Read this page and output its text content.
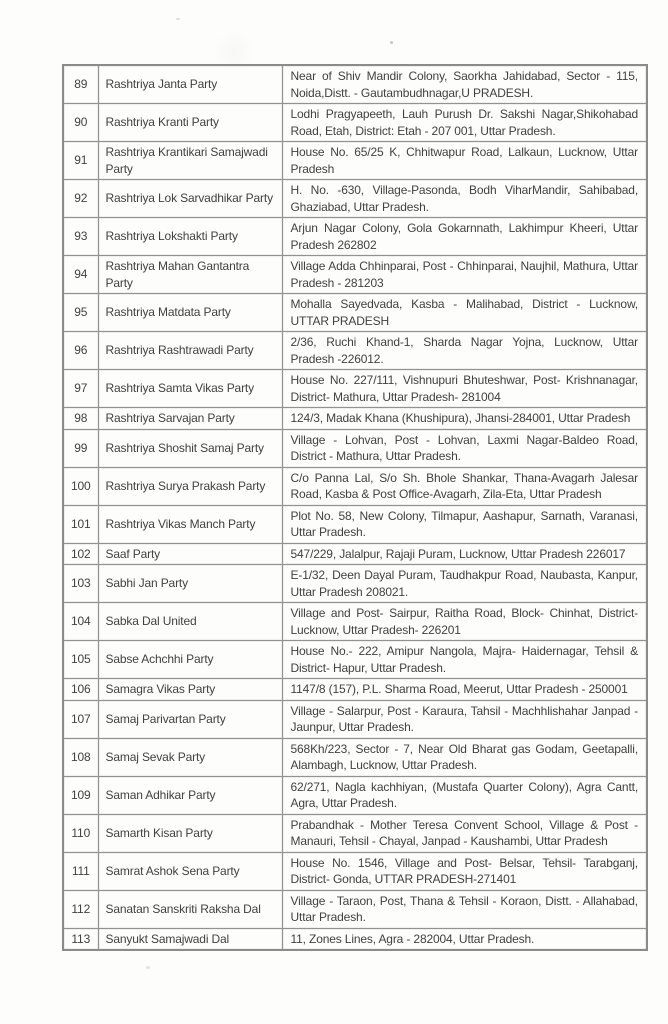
89	Rashtriya Janta Party	Near of Shiv Mandir Colony, Saorkha Jahidabad, Sector - 115, Noida,Distt. - Gautambudhnagar,U PRADESH.
90	Rashtriya Kranti Party	Lodhi Pragyapeeth, Lauh Purush Dr. Sakshi Nagar,Shikohabad Road, Etah, District: Etah - 207 001, Uttar Pradesh.
91	Rashtriya Krantikari Samajwadi Party	House No. 65/25 K, Chhitwapur Road, Lalkaun, Lucknow, Uttar Pradesh
92	Rashtriya Lok Sarvadhikar Party	H. No. -630, Village-Pasonda, Bodh ViharMandir, Sahibabad, Ghaziabad, Uttar Pradesh.
93	Rashtriya Lokshakti Party	Arjun Nagar Colony, Gola Gokarnnath, Lakhimpur Kheeri, Uttar Pradesh 262802
94	Rashtriya Mahan Gantantra Party	Village Adda Chhinparai, Post - Chhinparai, Naujhil, Mathura, Uttar Pradesh - 281203
95	Rashtriya Matdata Party	Mohalla Sayedvada, Kasba - Malihabad, District - Lucknow, UTTAR PRADESH
96	Rashtriya Rashtrawadi Party	2/36, Ruchi Khand-1, Sharda Nagar Yojna, Lucknow, Uttar Pradesh -226012.
97	Rashtriya Samta Vikas Party	House No. 227/111, Vishnupuri Bhuteshwar, Post- Krishnanagar, District- Mathura, Uttar Pradesh- 281004
98	Rashtriya Sarvajan Party	124/3, Madak Khana (Khushipura), Jhansi-284001, Uttar Pradesh
99	Rashtriya Shoshit Samaj Party	Village - Lohvan, Post - Lohvan, Laxmi Nagar-Baldeo Road, District - Mathura, Uttar Pradesh.
100	Rashtriya Surya Prakash Party	C/o Panna Lal, S/o Sh. Bhole Shankar, Thana-Avagarh Jalesar Road, Kasba & Post Office-Avagarh, Zila-Eta, Uttar Pradesh
101	Rashtriya Vikas Manch Party	Plot No. 58, New Colony, Tilmapur, Aashapur, Sarnath, Varanasi, Uttar Pradesh.
102	Saaf Party	547/229, Jalalpur, Rajaji Puram, Lucknow, Uttar Pradesh 226017
103	Sabhi Jan Party	E-1/32, Deen Dayal Puram, Taudhakpur Road, Naubasta, Kanpur, Uttar Pradesh 208021.
104	Sabka Dal United	Village and Post- Sairpur, Raitha Road, Block- Chinhat, District- Lucknow, Uttar Pradesh- 226201
105	Sabse Achchhi Party	House No.- 222, Amipur Nangola, Majra- Haidernagar, Tehsil & District- Hapur, Uttar Pradesh.
106	Samagra Vikas Party	1147/8 (157), P.L. Sharma Road, Meerut, Uttar Pradesh - 250001
107	Samaj Parivartan Party	Village - Salarpur, Post - Karaura, Tahsil - Machhlishahar Janpad - Jaunpur, Uttar Pradesh.
108	Samaj Sevak Party	568Kh/223, Sector - 7, Near Old Bharat gas Godam, Geetapalli, Alambagh, Lucknow, Uttar Pradesh.
109	Saman Adhikar Party	62/271, Nagla kachhiyan, (Mustafa Quarter Colony), Agra Cantt, Agra, Uttar Pradesh.
110	Samarth Kisan Party	Prabandhak - Mother Teresa Convent School, Village & Post - Manauri, Tehsil - Chayal, Janpad - Kaushambi, Uttar Pradesh
111	Samrat Ashok Sena Party	House No. 1546, Village and Post- Belsar, Tehsil- Tarabganj, District- Gonda, UTTAR PRADESH-271401
112	Sanatan Sanskriti Raksha Dal	Village - Taraon, Post, Thana & Tehsil - Koraon, Distt. - Allahabad, Uttar Pradesh.
113	Sanyukt Samajwadi Dal	11, Zones Lines, Agra - 282004, Uttar Pradesh.
